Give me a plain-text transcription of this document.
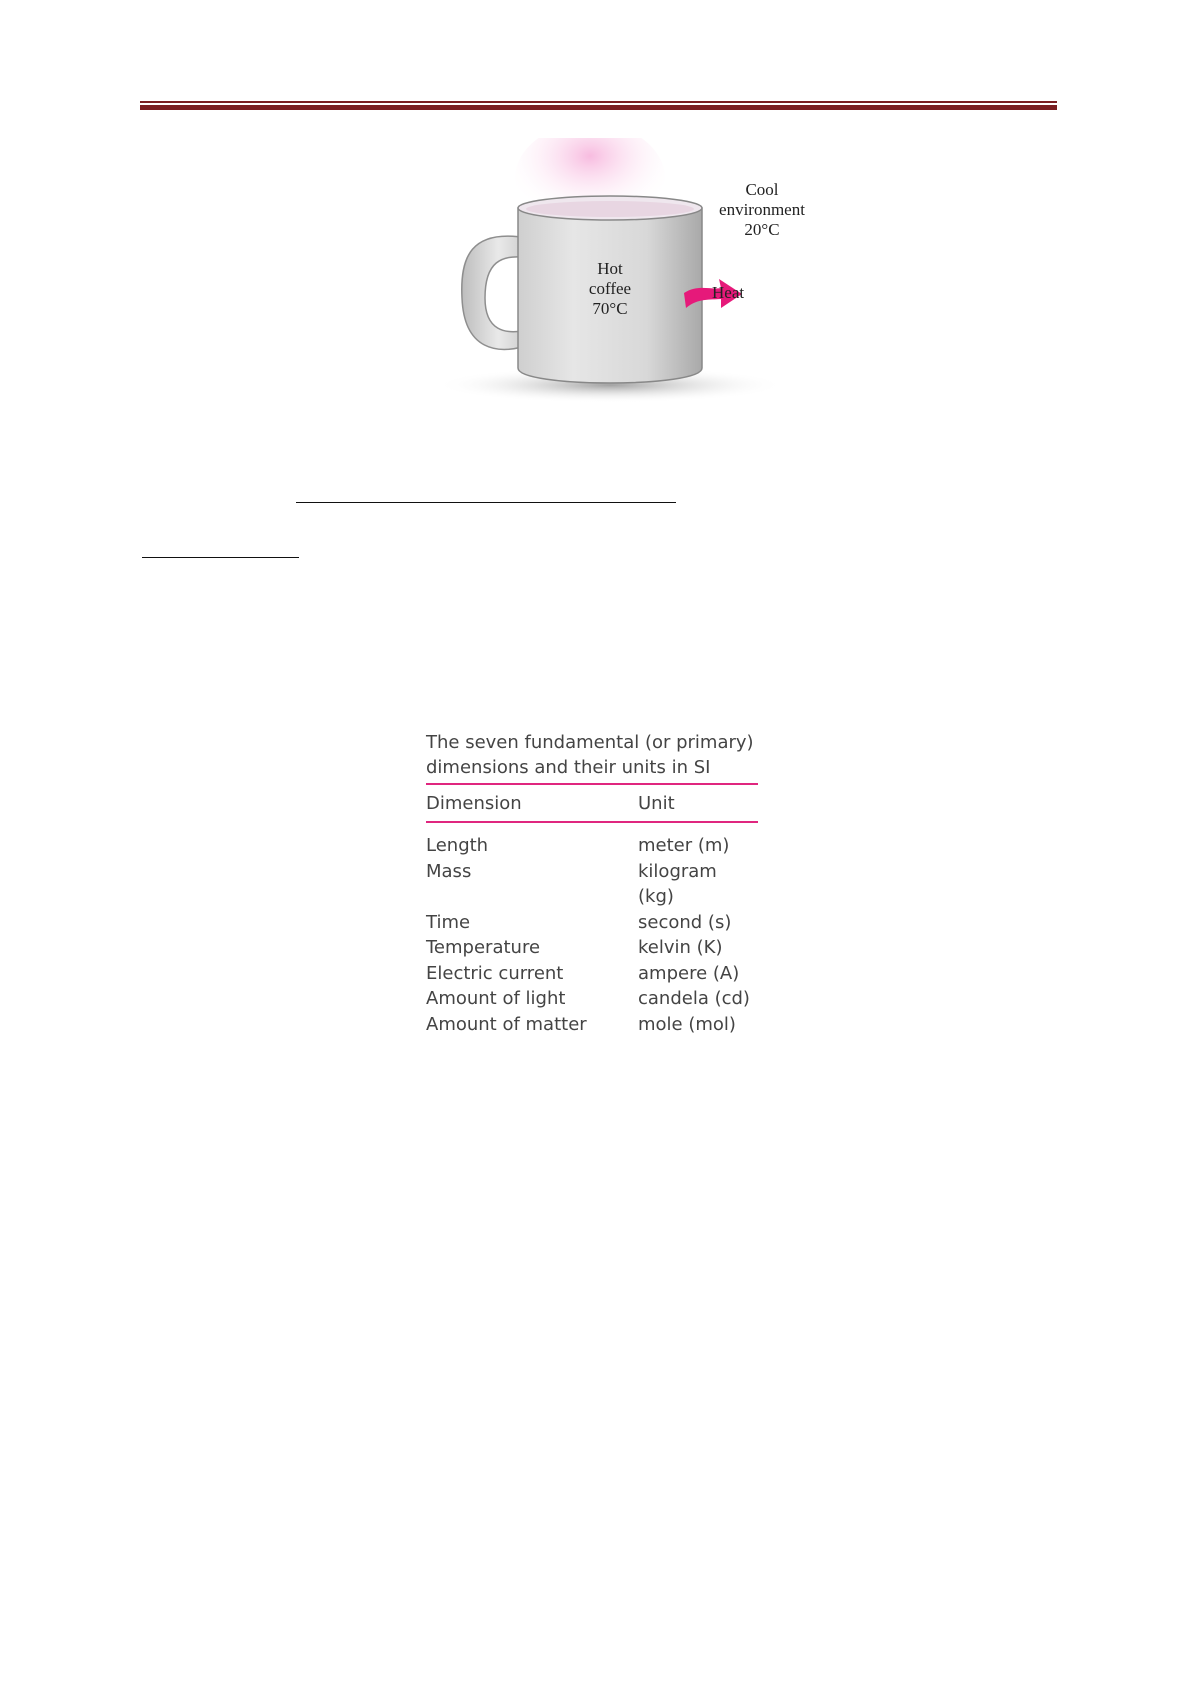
Cool
environment
20°C
Hot
coffee
70°C
Heat
The seven fundamental (or primary)
dimensions and their units in SI
Dimension	Unit
Length	meter (m)
Mass	kilogram (kg)
Time	second (s)
Temperature	kelvin (K)
Electric current	ampere (A)
Amount of light	candela (cd)
Amount of matter	mole (mol)
